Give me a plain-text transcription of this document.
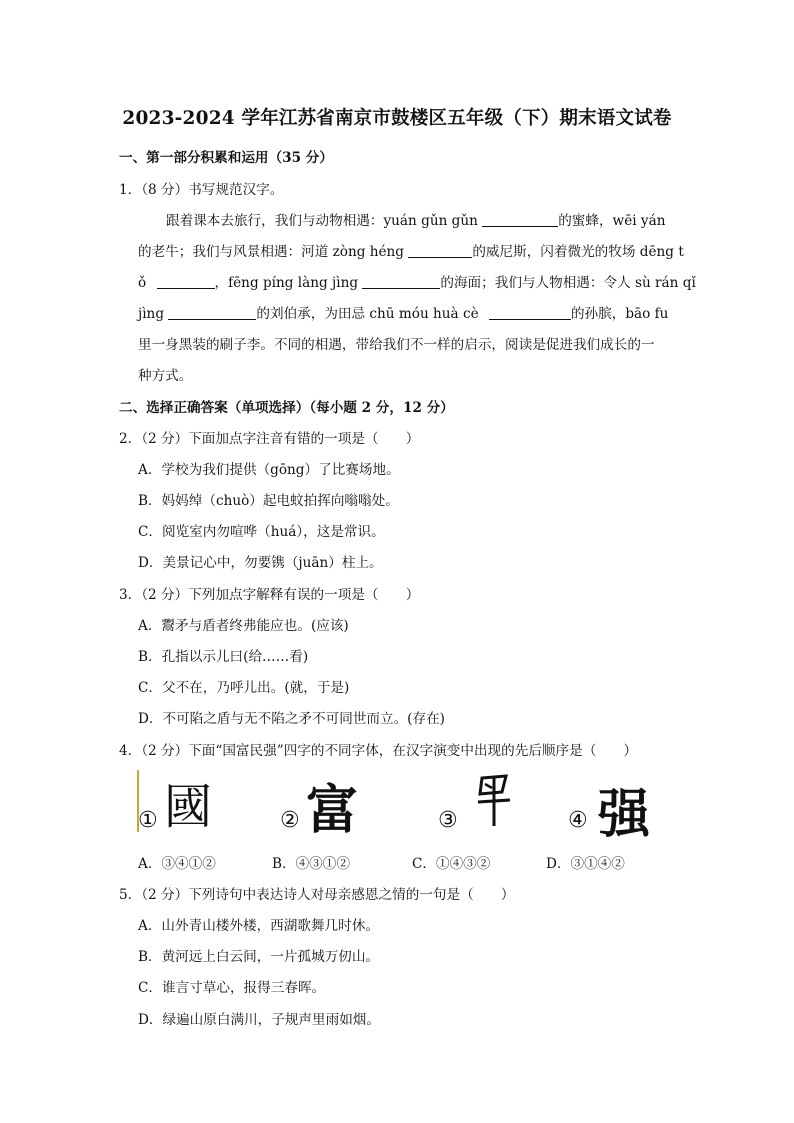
2023-2024 学年江苏省南京市鼓楼区五年级（下）期末语文试卷
一、第一部分积累和运用（35 分）
1．（8 分）书写规范汉字。
跟着课本去旅行，我们与动物相遇：yuán gǔn gǔn	的蜜蜂，wēi yán
的老牛；我们与风景相遇：河道 zòng héng	的威尼斯，闪着微光的牧场 dēng t
ǒ	，fēng píng làng jìng	的海面；我们与人物相遇：令人 sù rán qǐ
jìng	的刘伯承，为田忌 chū móu huà cè	的孙膑，bāo fu
里一身黑装的刷子李。不同的相遇，带给我们不一样的启示，阅读是促进我们成长的一
种方式。
二、选择正确答案（单项选择）（每小题 2 分，12 分）
2．（2 分）下面加点字注音有错的一项是（　　）
A．学校为我们提供（gōng）了比赛场地。
B．妈妈绰（chuò）起电蚊拍挥向嗡嗡处。
C．阅览室内勿喧哗（huá），这是常识。
D．美景记心中，勿要镌（juān）柱上。
3．（2 分）下列加点字解释有误的一项是（　　）
A．鬻矛与盾者终弗能应也。(应该)
B．孔指以示儿曰(给……看)
C．父不在，乃呼儿出。(就，于是)
D．不可陷之盾与无不陷之矛不可同世而立。(存在)
4．（2 分）下面“国富民强”四字的不同字体，在汉字演变中出现的先后顺序是（　　）
① 國	② 富	③	④ 强
A．③④①②	B．④③①②	C．①④③②	D．③①④②
5．（2 分）下列诗句中表达诗人对母亲感恩之情的一句是（　　）
A．山外青山楼外楼，西湖歌舞几时休。
B．黄河远上白云间，一片孤城万仞山。
C．谁言寸草心，报得三春晖。
D．绿遍山原白满川，子规声里雨如烟。
